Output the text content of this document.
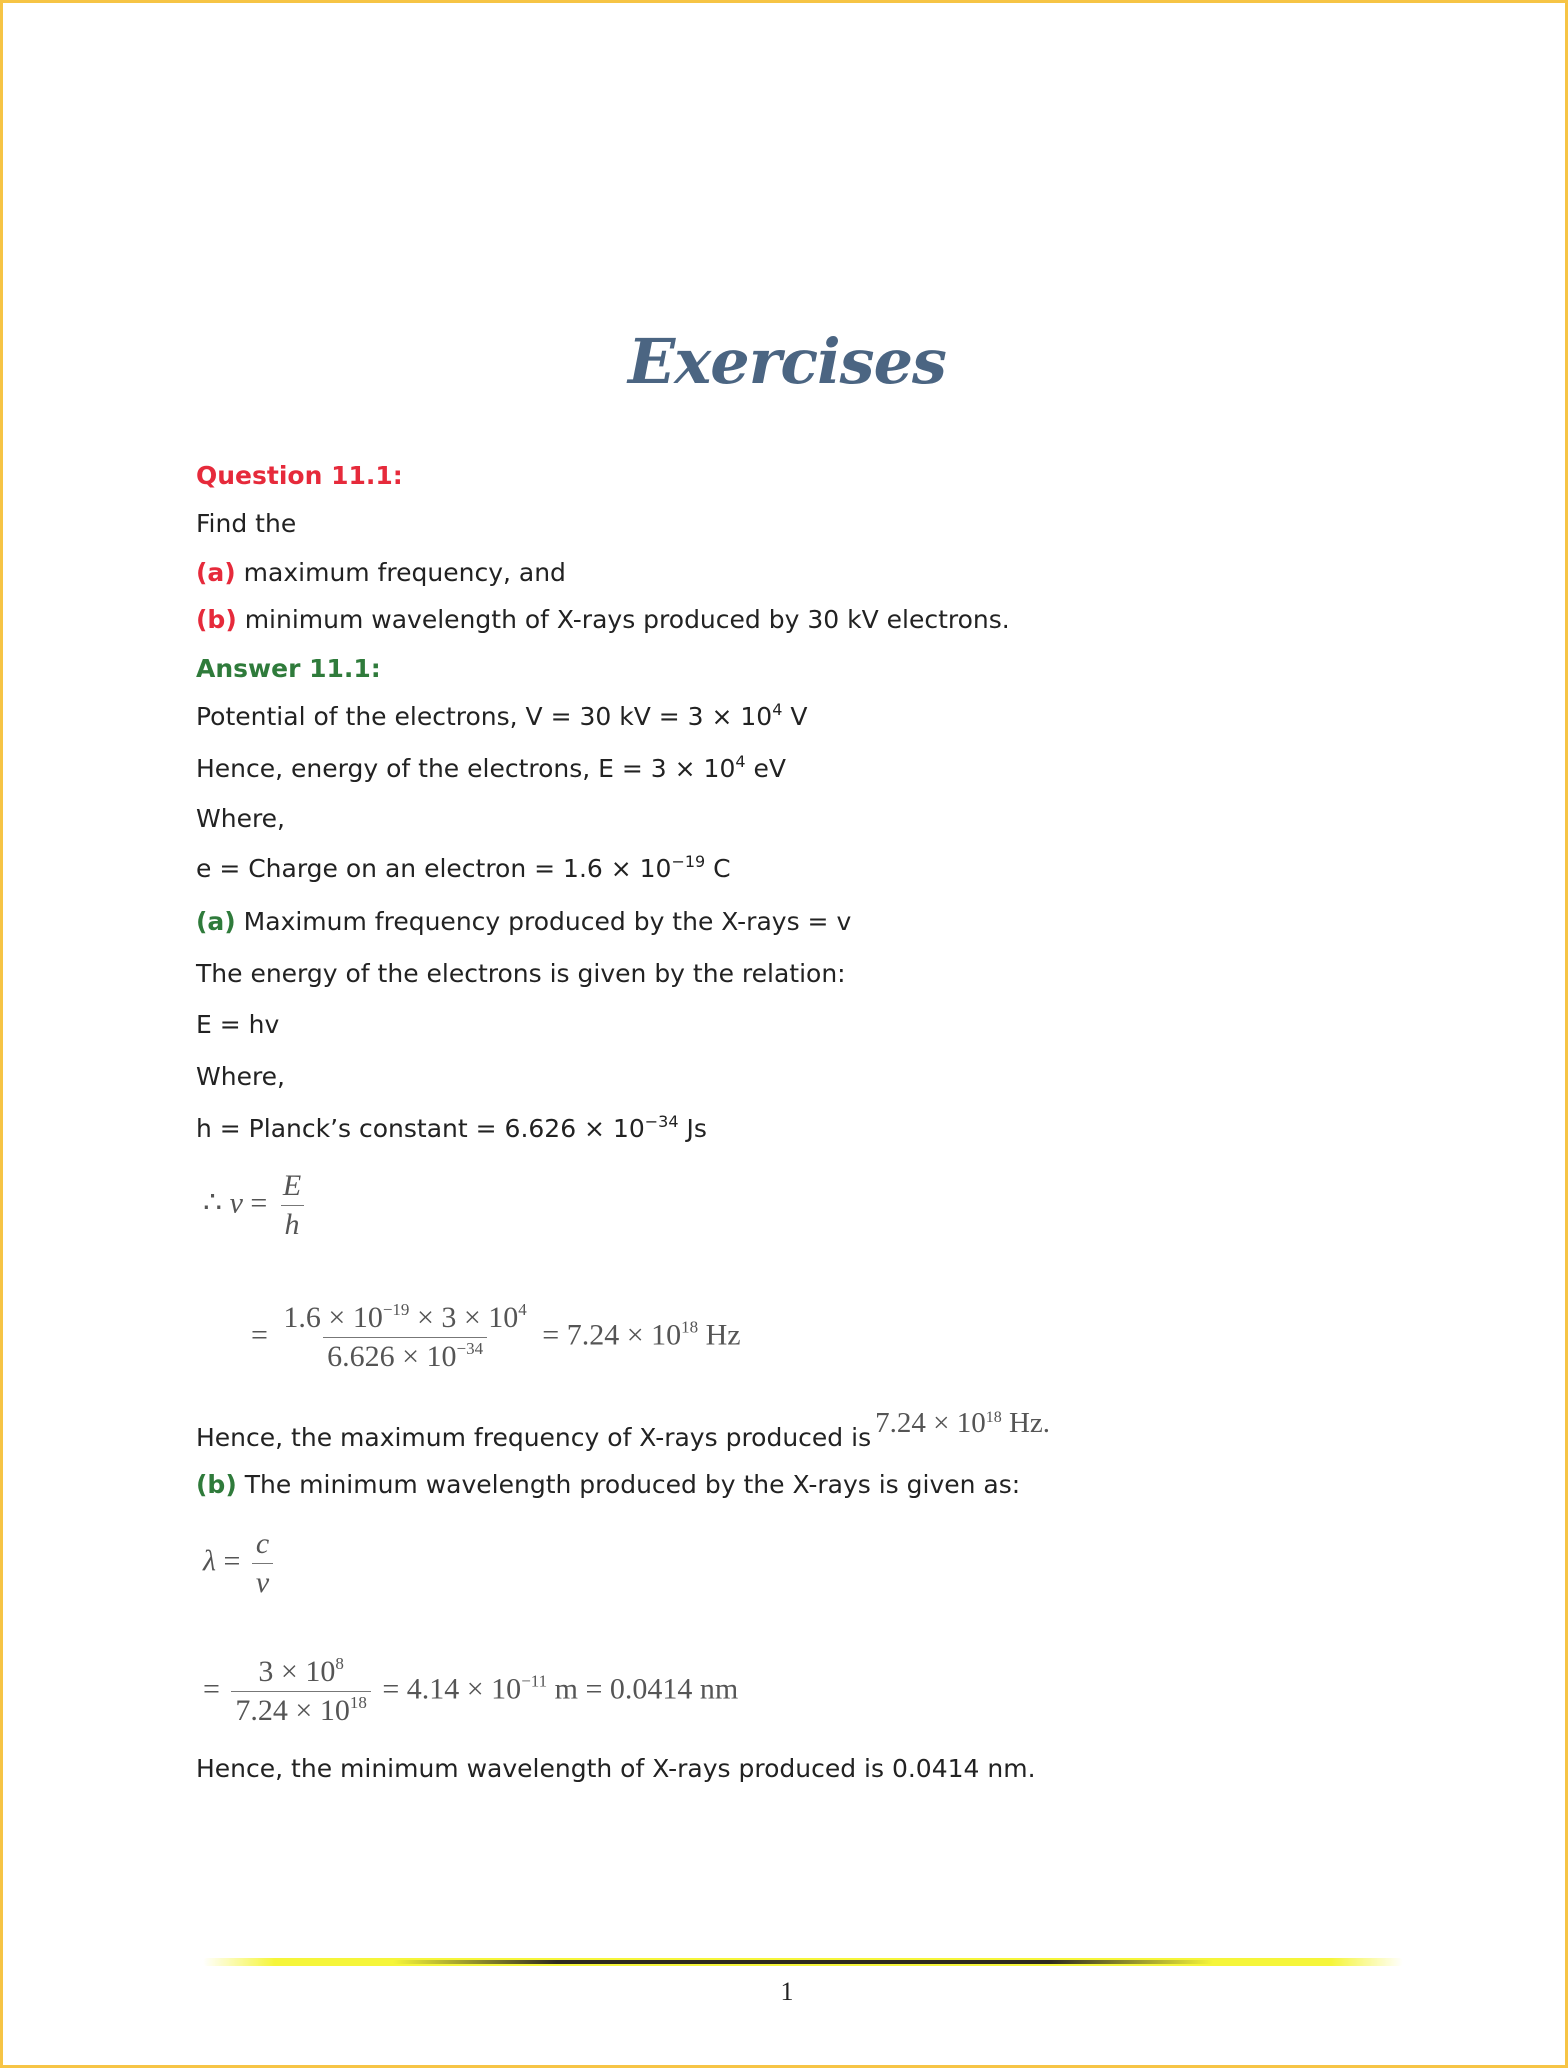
Exercises
Question 11.1:
Find the
(a) maximum frequency, and
(b) minimum wavelength of X-rays produced by 30 kV electrons.
Answer 11.1:
Potential of the electrons, V = 30 kV = $3 \times 10^4$ V
Hence, energy of the electrons, $E = 3 \times 10^4$ eV
Where,
e = Charge on an electron = $1.6 \times 10^{-19}$ C
(a) Maximum frequency produced by the X-rays = v
The energy of the electrons is given by the relation:
E = hv
Where,
h = Planck’s constant = $6.626 \times 10^{-34}$ Js
∴ $\nu = \frac{E}{h}$
= $\frac{1.6 \times 10^{-19} \times 3 \times 10^4}{6.626 \times 10^{-34}} = 7.24 \times 10^{18}$ Hz
Hence, the maximum frequency of X-rays produced is $7.24 \times 10^{18}$ Hz.
(b) The minimum wavelength produced by the X-rays is given as:
$\lambda = \frac{c}{\nu}$
= $\frac{3 \times 10^8}{7.24 \times 10^{18}} = 4.14 \times 10^{-11}$ m = 0.0414 nm
Hence, the minimum wavelength of X-rays produced is 0.0414 nm.
1
